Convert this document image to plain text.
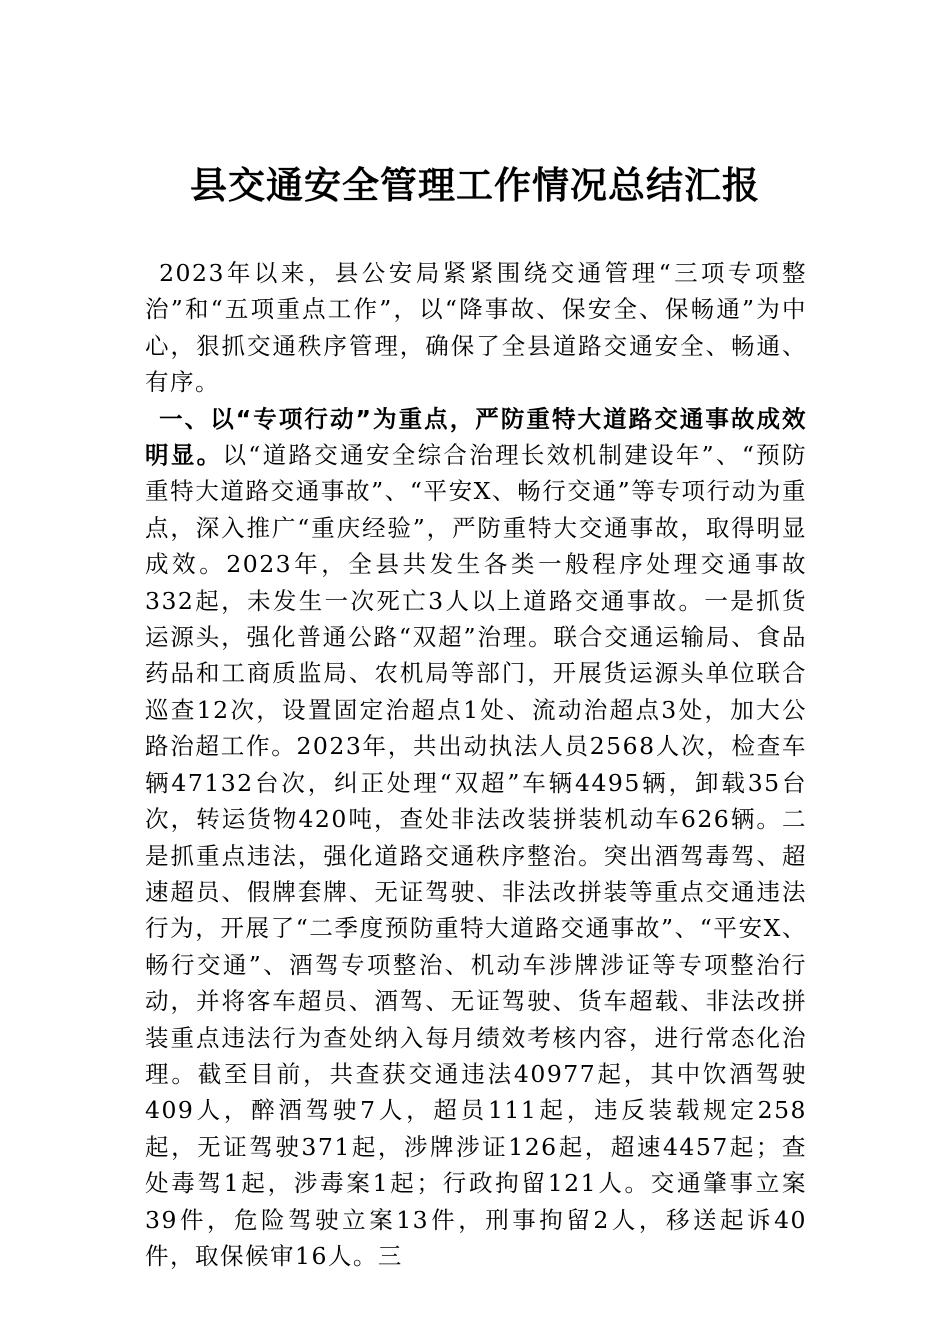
县交通安全管理工作情况总结汇报

2023年以来，县公安局紧紧围绕交通管理“三项专项整治”和“五项重点工作”，以“降事故、保安全、保畅通”为中心，狠抓交通秩序管理，确保了全县道路交通安全、畅通、有序。

一、以“专项行动”为重点，严防重特大道路交通事故成效明显。以“道路交通安全综合治理长效机制建设年”、“预防重特大道路交通事故”、“平安X、畅行交通”等专项行动为重点，深入推广“重庆经验”，严防重特大交通事故，取得明显成效。2023年，全县共发生各类一般程序处理交通事故332起，未发生一次死亡3人以上道路交通事故。一是抓货运源头，强化普通公路“双超”治理。联合交通运输局、食品药品和工商质监局、农机局等部门，开展货运源头单位联合巡查12次，设置固定治超点1处、流动治超点3处，加大公路治超工作。2023年，共出动执法人员2568人次，检查车辆47132台次，纠正处理“双超”车辆4495辆，卸载35台次，转运货物420吨，查处非法改装拼装机动车626辆。二是抓重点违法，强化道路交通秩序整治。突出酒驾毒驾、超速超员、假牌套牌、无证驾驶、非法改拼装等重点交通违法行为，开展了“二季度预防重特大道路交通事故”、“平安X、畅行交通”、酒驾专项整治、机动车涉牌涉证等专项整治行动，并将客车超员、酒驾、无证驾驶、货车超载、非法改拼装重点违法行为查处纳入每月绩效考核内容，进行常态化治理。截至目前，共查获交通违法40977起，其中饮酒驾驶409人，醉酒驾驶7人，超员111起，违反装载规定258起，无证驾驶371起，涉牌涉证126起，超速4457起；查处毒驾1起，涉毒案1起；行政拘留121人。交通肇事立案39件，危险驾驶立案13件，刑事拘留2人，移送起诉40件，取保候审16人。三
